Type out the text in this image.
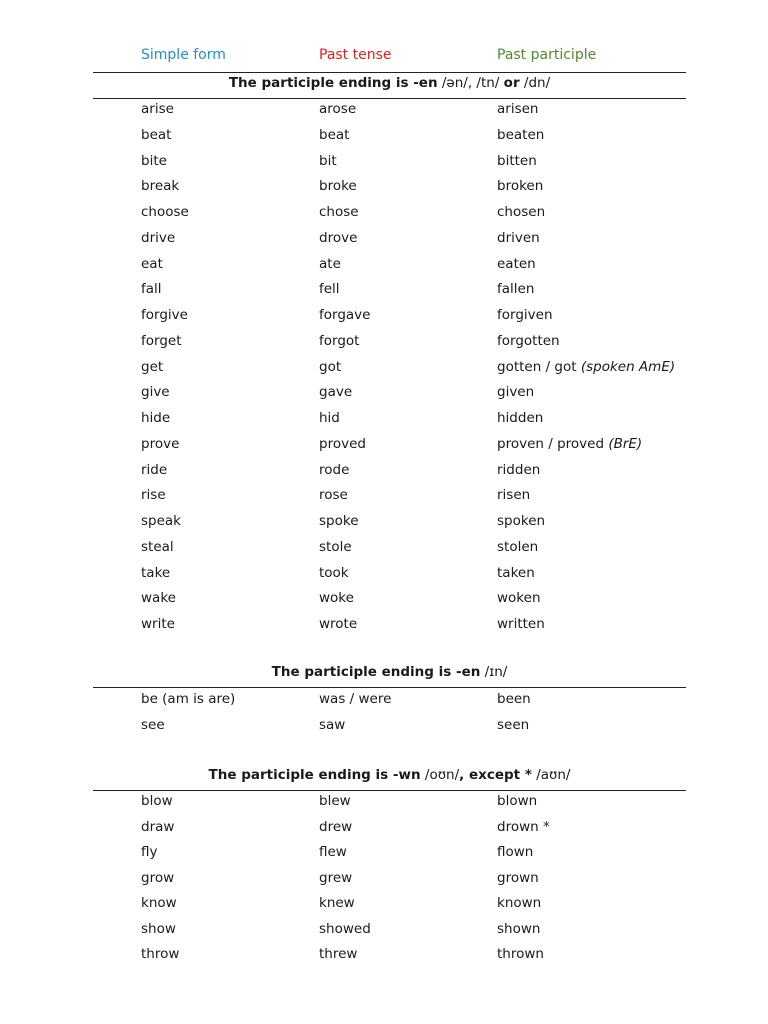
Simple form	Past tense	Past participle
The participle ending is -en /ən/, /tn/ or /dn/
arise	arose	arisen
beat	beat	beaten
bite	bit	bitten
break	broke	broken
choose	chose	chosen
drive	drove	driven
eat	ate	eaten
fall	fell	fallen
forgive	forgave	forgiven
forget	forgot	forgotten
get	got	gotten / got (spoken AmE)
give	gave	given
hide	hid	hidden
prove	proved	proven / proved (BrE)
ride	rode	ridden
rise	rose	risen
speak	spoke	spoken
steal	stole	stolen
take	took	taken
wake	woke	woken
write	wrote	written
The participle ending is -en /ɪn/
be (am is are)	was / were	been
see	saw	seen
The participle ending is -wn /oʊn/, except * /aʊn/
blow	blew	blown
draw	drew	drown *
fly	flew	flown
grow	grew	grown
know	knew	known
show	showed	shown
throw	threw	thrown
